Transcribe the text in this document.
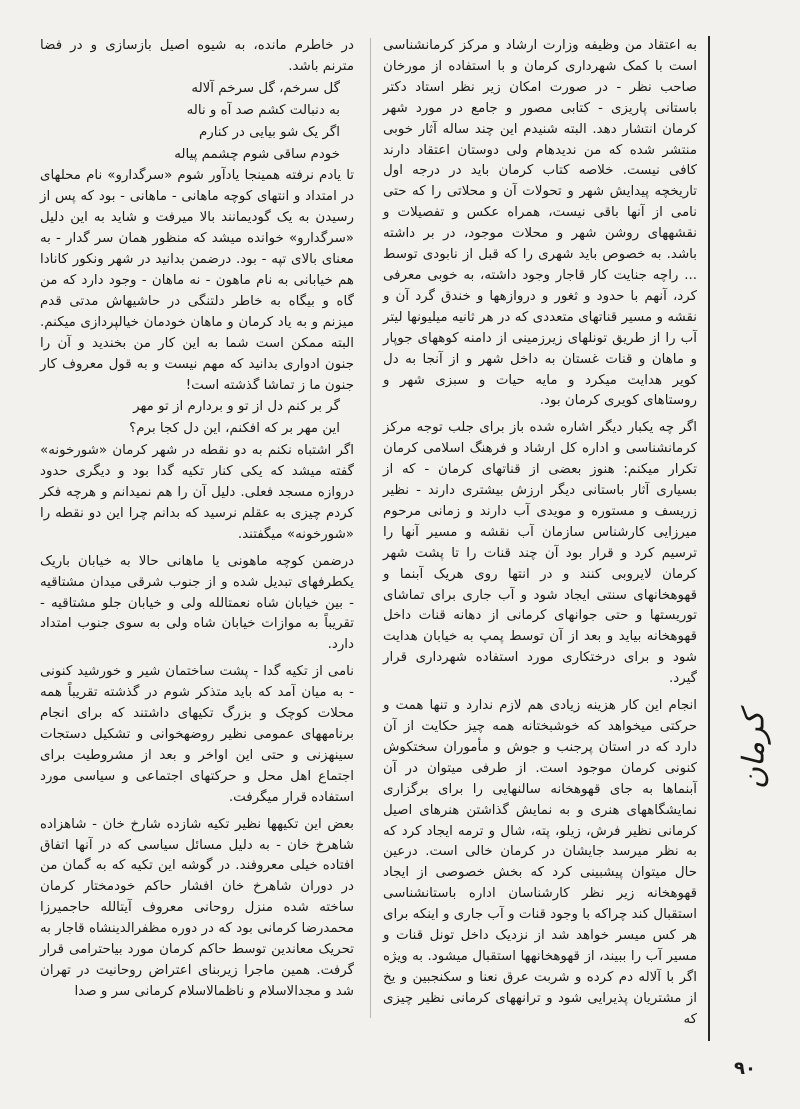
کرمان

به اعتقاد من وظیفه وزارت ارشاد و مرکز کرمانشناسی است با کمک شهرداری کرمان و با استفاده از مورخان صاحب نظر - در صورت امکان زیر نظر استاد دکتر باستانی پاریزی - کتابی مصور و جامع در مورد شهر کرمان انتشار دهد. البته شنیدم این چند ساله آثار خوبی منتشر شده که من ندیدهام ولی دوستان اعتقاد دارند کافی نیست. خلاصه کتاب کرمان باید در درجه اول تاریخچه پیدایش شهر و تحولات آن و محلاتی را که حتی نامی از آنها باقی نیست، همراه عکس و تفصیلات و نقشههای روشن شهر و محلات موجود، در بر داشته باشد. به خصوص باید شهری را که قبل از نابودی توسط ... راچه جنایت کار قاجار وجود داشته، به خوبی معرفی کرد، آنهم با حدود و ثغور و دروازهها و خندق گرد آن و نقشه و مسیر قناتهای متعددی که در هر ثانیه میلیونها لیتر آب را از طریق تونلهای زیرزمینی از دامنه کوههای جوپار و ماهان و قنات غستان به داخل شهر و از آنجا به دل کویر هدایت میکرد و مایه حیات و سبزی شهر و روستاهای کویری کرمان بود.

اگر چه یکبار دیگر اشاره شده باز برای جلب توجه مرکز کرمانشناسی و اداره کل ارشاد و فرهنگ اسلامی کرمان تکرار میکنم: هنوز بعضی از قناتهای کرمان - که از بسیاری آثار باستانی دیگر ارزش بیشتری دارند - نظیر زریسف و مستوره و مویدی آب دارند و زمانی مرحوم میرزایی کارشناس سازمان آب نقشه و مسیر آنها را ترسیم کرد و قرار بود آن چند قنات را تا پشت شهر کرمان لایروبی کنند و در انتها روی هریک آبنما و قهوهخانهای سنتی ایجاد شود و آب جاری برای تماشای توریستها و حتی جوانهای کرمانی از دهانه قنات داخل قهوهخانه بیاید و بعد از آن توسط پمپ به خیابان هدایت شود و برای درختکاری مورد استفاده شهرداری قرار گیرد.

انجام این کار هزینه زیادی هم لازم ندارد و تنها همت و حرکتی میخواهد که خوشبختانه همه چیز حکایت از آن دارد که در استان پرجنب و جوش و مأموران سختکوش کنونی کرمان موجود است. از طرفی میتوان در آن آبنماها به جای قهوهخانه سالنهایی را برای برگزاری نمایشگاههای هنری و به نمایش گذاشتن هنرهای اصیل کرمانی نظیر فرش، زیلو، پته، شال و ترمه ایجاد کرد که به نظر میرسد جایشان در کرمان خالی است. درعین حال میتوان پیشبینی کرد که بخش خصوصی از ایجاد قهوهخانه زیر نظر کارشناسان اداره باستانشناسی استقبال کند چراکه با وجود قنات و آب جاری و اینکه برای هر کس میسر خواهد شد از نزدیک داخل تونل قنات و مسیر آب را ببیند، از قهوهخانهها استقبال میشود. به ویژه اگر با آلاله دم کرده و شربت عرق نعنا و سکنجبین و یخ از مشتریان پذیرایی شود و ترانههای کرمانی نظیر چیزی که

در خاطرم مانده، به شیوه اصیل بازسازی و در فضا مترنم باشد.

گل سرخم، گل سرخم آلاله
به دنبالت کشم صد آه و ناله
اگر یک شو بیایی در کنارم
خودم ساقی شوم چشمم پیاله

تا یادم نرفته همینجا یادآور شوم «سرگدارو» نام محلهای در امتداد و انتهای کوچه ماهانی - ماهانی - بود که پس از رسیدن به یک گودیمانند بالا میرفت و شاید به این دلیل «سرگدارو» خوانده میشد که منظور همان سر گدار - به معنای بالای تپه - بود. درضمن بدانید در شهر ونکور کانادا هم خیابانی به نام ماهون - نه ماهان - وجود دارد که من گاه و بیگاه به خاطر دلتنگی در حاشیهاش مدتی قدم میزنم و به یاد کرمان و ماهان خودمان خیالپردازی میکنم. البته ممکن است شما به این کار من بخندید و آن را جنون ادواری بدانید که مهم نیست و به قول معروف کار جنون ما ز تماشا گذشته است!

گر بر کنم دل از تو و بردارم از تو مهر
این مهر بر که افکنم، این دل کجا برم؟

اگر اشتباه نکنم به دو نقطه در شهر کرمان «شورخونه» گفته میشد که یکی کنار تکیه گدا بود و دیگری حدود دروازه مسجد فعلی. دلیل آن را هم نمیدانم و هرچه فکر کردم چیزی به عقلم نرسید که بدانم چرا این دو نقطه را «شورخونه» میگفتند.

درضمن کوچه ماهونی یا ماهانی حالا به خیابان باریک یکطرفهای تبدیل شده و از جنوب شرقی میدان مشتاقیه - بین خیابان شاه نعمتالله ولی و خیابان جلو مشتاقیه - تقریباً به موازات خیابان شاه ولی به سوی جنوب امتداد دارد.

نامی از تکیه گدا - پشت ساختمان شیر و خورشید کنونی - به میان آمد که باید متذکر شوم در گذشته تقریباً همه محلات کوچک و بزرگ تکیهای داشتند که برای انجام برنامههای عمومی نظیر روضهخوانی و تشکیل دستجات سینهزنی و حتی این اواخر و بعد از مشروطیت برای اجتماع اهل محل و حرکتهای اجتماعی و سیاسی مورد استفاده قرار میگرفت.

بعض این تکیهها نظیر تکیه شازده شارخ خان - شاهزاده شاهرخ خان - به دلیل مسائل سیاسی که در آنها اتفاق افتاده خیلی معروفند. در گوشه این تکیه که به گمان من در دوران شاهرخ خان افشار حاکم خودمختار کرمان ساخته شده منزل روحانی معروف آیتالله حاجمیرزا محمدرضا کرمانی بود که در دوره مظفرالدینشاه قاجار به تحریک معاندین توسط حاکم کرمان مورد بیاحترامی قرار گرفت. همین ماجرا زیربنای اعتراض روحانیت در تهران شد و مجدالاسلام و ناظمالاسلام کرمانی سر و صدا

۹۰
